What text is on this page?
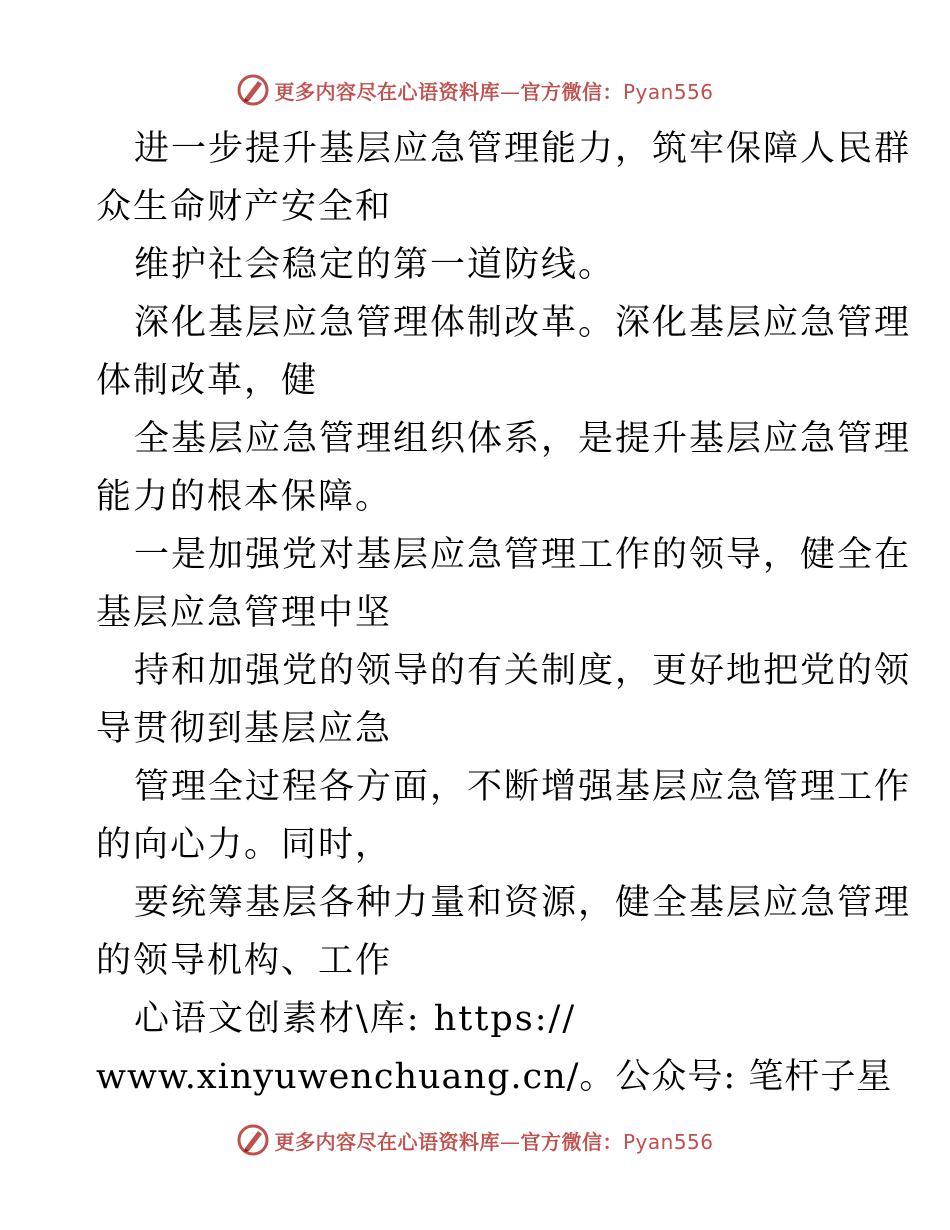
更多内容尽在心语资料库—官方微信：Pyan556
进一步提升基层应急管理能力，筑牢保障人民群
众生命财产安全和
维护社会稳定的第一道防线。
深化基层应急管理体制改革。深化基层应急管理
体制改革，健
全基层应急管理组织体系，是提升基层应急管理
能力的根本保障。
一是加强党对基层应急管理工作的领导，健全在
基层应急管理中坚
持和加强党的领导的有关制度，更好地把党的领
导贯彻到基层应急
管理全过程各方面，不断增强基层应急管理工作
的向心力。同时，
要统筹基层各种力量和资源，健全基层应急管理
的领导机构、工作
心语文创素材\库: https://
www.xinyuwenchuang.cn/。公众号: 笔杆子星
更多内容尽在心语资料库—官方微信：Pyan556
